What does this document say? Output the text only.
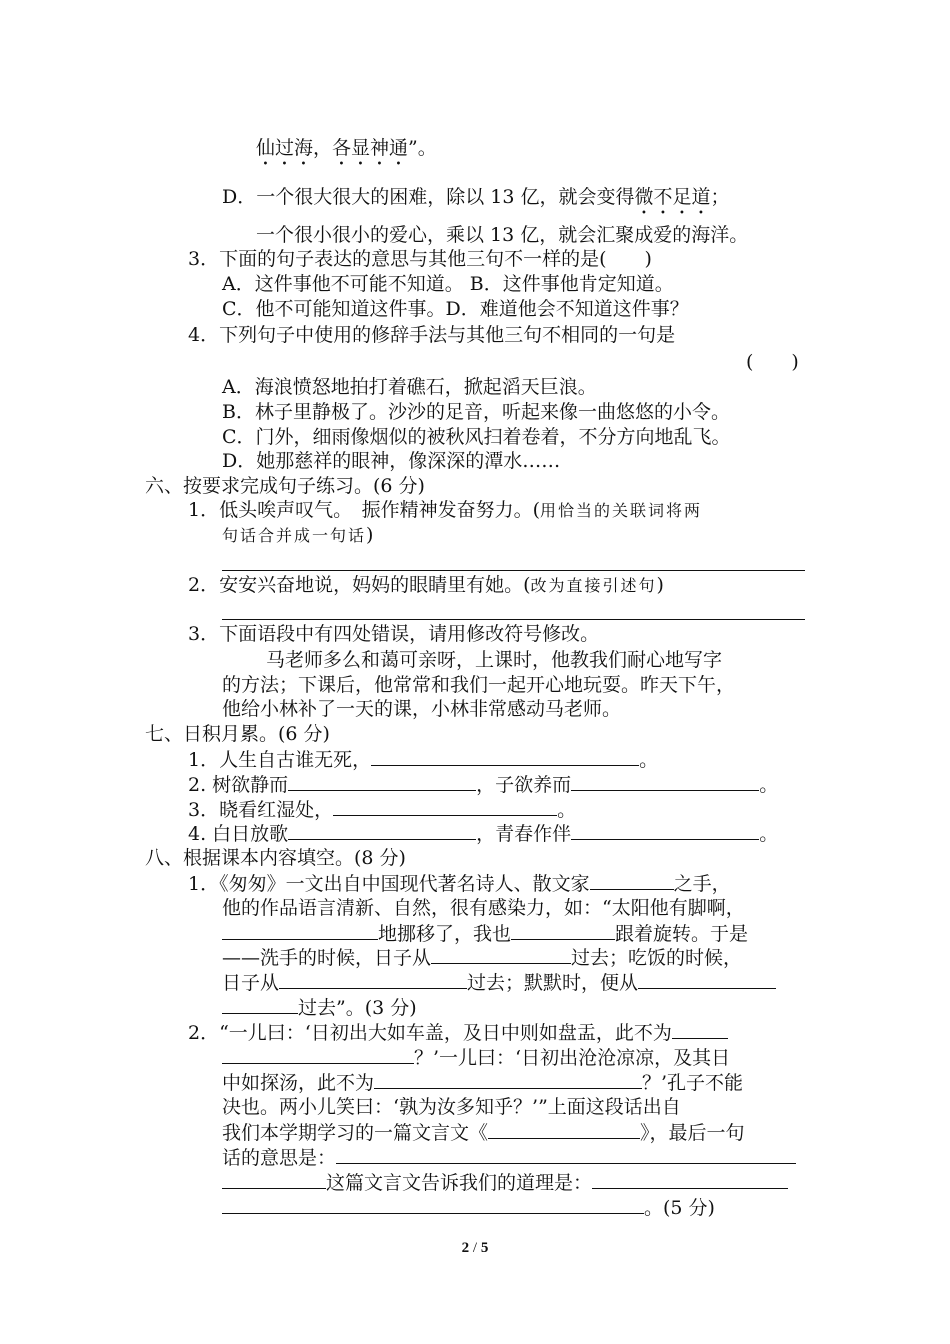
仙过海，各显神通”。
D．一个很大很大的困难，除以 13 亿，就会变得微不足道；
一个很小很小的爱心，乘以 13 亿，就会汇聚成爱的海洋。
3．下面的句子表达的意思与其他三句不一样的是(　　)
A．这件事他不可能不知道。 B．这件事他肯定知道。
C．他不可能知道这件事。D．难道他会不知道这件事？
4．下列句子中使用的修辞手法与其他三句不相同的一句是
(　　)
A．海浪愤怒地拍打着礁石，掀起滔天巨浪。
B．林子里静极了。沙沙的足音，听起来像一曲悠悠的小令。
C．门外，细雨像烟似的被秋风扫着卷着，不分方向地乱飞。
D．她那慈祥的眼神，像深深的潭水……
六、按要求完成句子练习。(6 分)
1．低头唉声叹气。　振作精神发奋努力。(用恰当的关联词将两
句话合并成一句话)
2．安安兴奋地说，妈妈的眼睛里有她。(改为直接引述句)
3．下面语段中有四处错误，请用修改符号修改。
马老师多么和蔼可亲呀，上课时，他教我们耐心地写字
的方法；下课后，他常常和我们一起开心地玩耍。昨天下午，
他给小林补了一天的课，小林非常感动马老师。
七、日积月累。(6 分)
1．人生自古谁无死，	。
2. 树欲静而	，子欲养而	。
3．晓看红湿处，	。
4. 白日放歌	，青春作伴	。
八、根据课本内容填空。(8 分)
1．《匆匆》一文出自中国现代著名诗人、散文家	之手，
他的作品语言清新、自然，很有感染力，如：“太阳他有脚啊，
地挪移了，我也	跟着旋转。于是
——洗手的时候，日子从	过去；吃饭的时候，
日子从	过去；默默时，便从
过去”。(3 分)
2．“一儿曰：‘日初出大如车盖，及日中则如盘盂，此不为
？’一儿曰：‘日初出沧沧凉凉，及其日
中如探汤，此不为	？’孔子不能
决也。两小儿笑曰：‘孰为汝多知乎？’”上面这段话出自
我们本学期学习的一篇文言文《	》，最后一句
话的意思是：
这篇文言文告诉我们的道理是：
。(5 分)
2 / 5
